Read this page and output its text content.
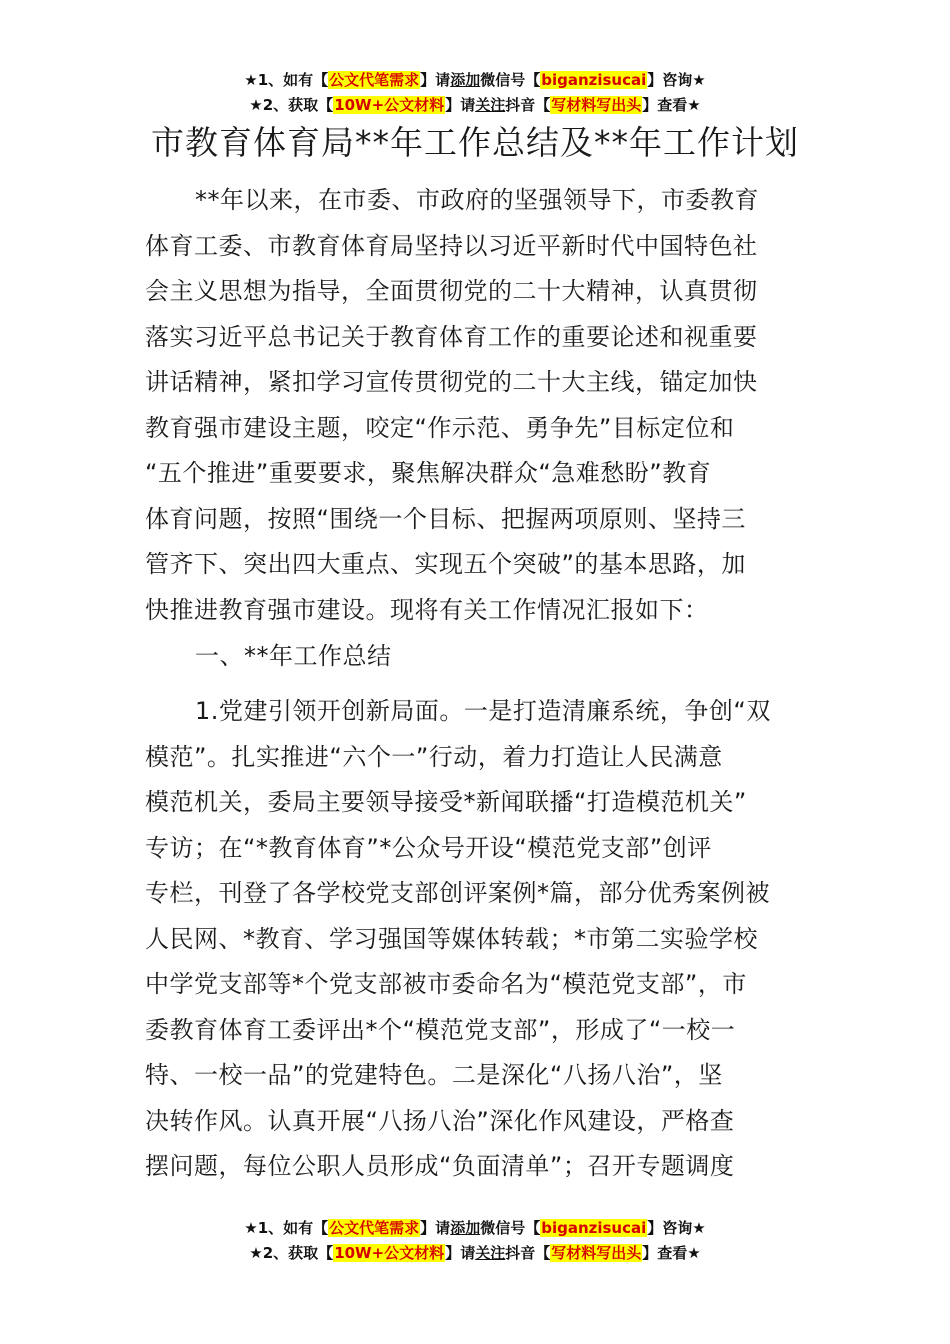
★1、如有【公文代笔需求】请添加微信号【biganzisucai】咨询★
★2、获取【10W+公文材料】请关注抖音【写材料写出头】查看★
市教育体育局**年工作总结及**年工作计划
**年以来，在市委、市政府的坚强领导下，市委教育
体育工委、市教育体育局坚持以习近平新时代中国特色社
会主义思想为指导，全面贯彻党的二十大精神，认真贯彻
落实习近平总书记关于教育体育工作的重要论述和视重要
讲话精神，紧扣学习宣传贯彻党的二十大主线，锚定加快
教育强市建设主题，咬定“作示范、勇争先”目标定位和
“五个推进”重要要求，聚焦解决群众“急难愁盼”教育
体育问题，按照“围绕一个目标、把握两项原则、坚持三
管齐下、突出四大重点、实现五个突破”的基本思路，加
快推进教育强市建设。现将有关工作情况汇报如下：
一、**年工作总结
1.党建引领开创新局面。一是打造清廉系统，争创“双
模范”。扎实推进“六个一”行动，着力打造让人民满意
模范机关，委局主要领导接受*新闻联播“打造模范机关”
专访；在“*教育体育”*公众号开设“模范党支部”创评
专栏，刊登了各学校党支部创评案例*篇，部分优秀案例被
人民网、*教育、学习强国等媒体转载；*市第二实验学校
中学党支部等*个党支部被市委命名为“模范党支部”，市
委教育体育工委评出*个“模范党支部”，形成了“一校一
特、一校一品”的党建特色。二是深化“八扬八治”，坚
决转作风。认真开展“八扬八治”深化作风建设，严格查
摆问题，每位公职人员形成“负面清单”；召开专题调度
★1、如有【公文代笔需求】请添加微信号【biganzisucai】咨询★
★2、获取【10W+公文材料】请关注抖音【写材料写出头】查看★
